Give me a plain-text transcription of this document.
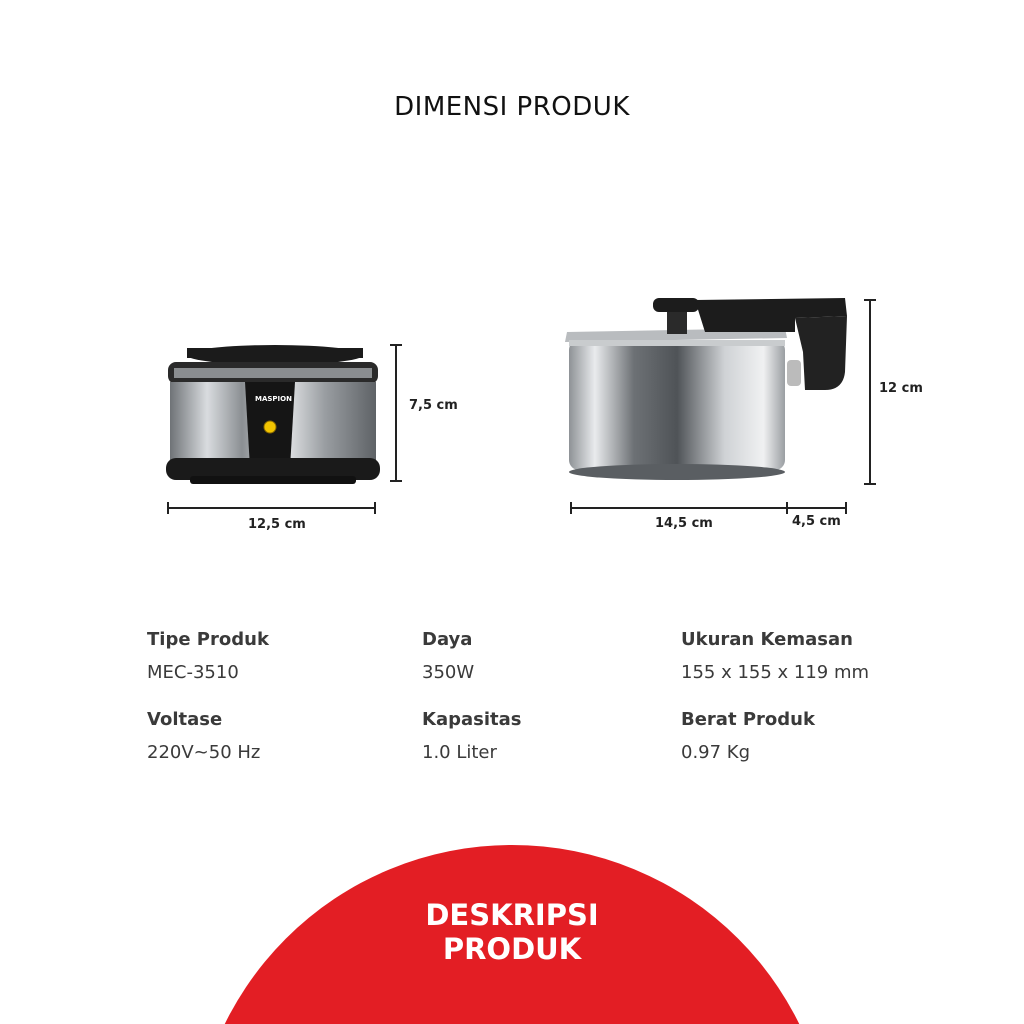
DIMENSI PRODUK
MASPION
12,5 cm
7,5 cm
14,5 cm	4,5 cm
12 cm
Tipe Produk
MEC-3510
Daya
350W
Ukuran Kemasan
155 x 155 x 119 mm
Voltase
220V~50 Hz
Kapasitas
1.0 Liter
Berat Produk
0.97 Kg
DESKRIPSI
PRODUK
